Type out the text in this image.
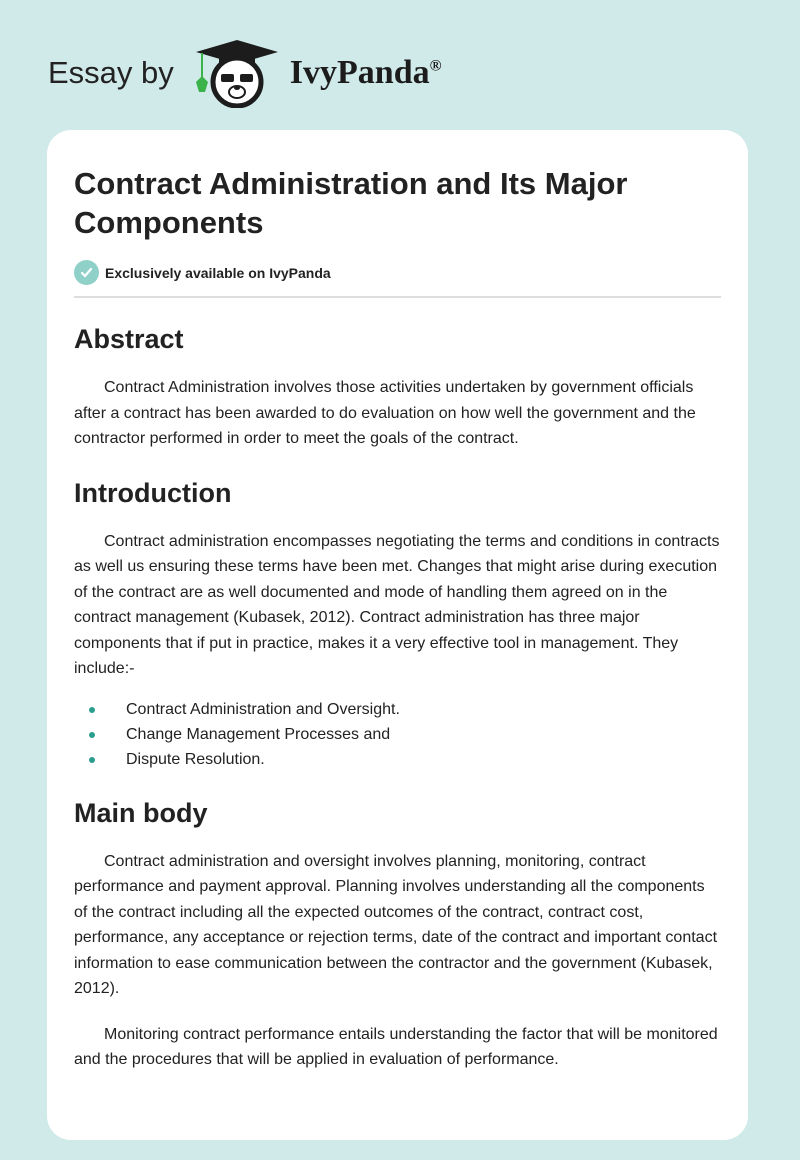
Essay by	IvyPanda®
Contract Administration and Its Major Components
Exclusively available on IvyPanda
Abstract

Contract Administration involves those activities undertaken by government officials after a contract has been awarded to do evaluation on how well the government and the contractor performed in order to meet the goals of the contract.

Introduction

Contract administration encompasses negotiating the terms and conditions in contracts as well us ensuring these terms have been met. Changes that might arise during execution of the contract are as well documented and mode of handling them agreed on in the contract management (Kubasek, 2012). Contract administration has three major components that if put in practice, makes it a very effective tool in management. They include:-

Contract Administration and Oversight.
Change Management Processes and
Dispute Resolution.
Main body

Contract administration and oversight involves planning, monitoring, contract performance and payment approval. Planning involves understanding all the components of the contract including all the expected outcomes of the contract, contract cost, performance, any acceptance or rejection terms, date of the contract and important contact information to ease communication between the contractor and the government (Kubasek, 2012).

Monitoring contract performance entails understanding the factor that will be monitored and the procedures that will be applied in evaluation of performance.
